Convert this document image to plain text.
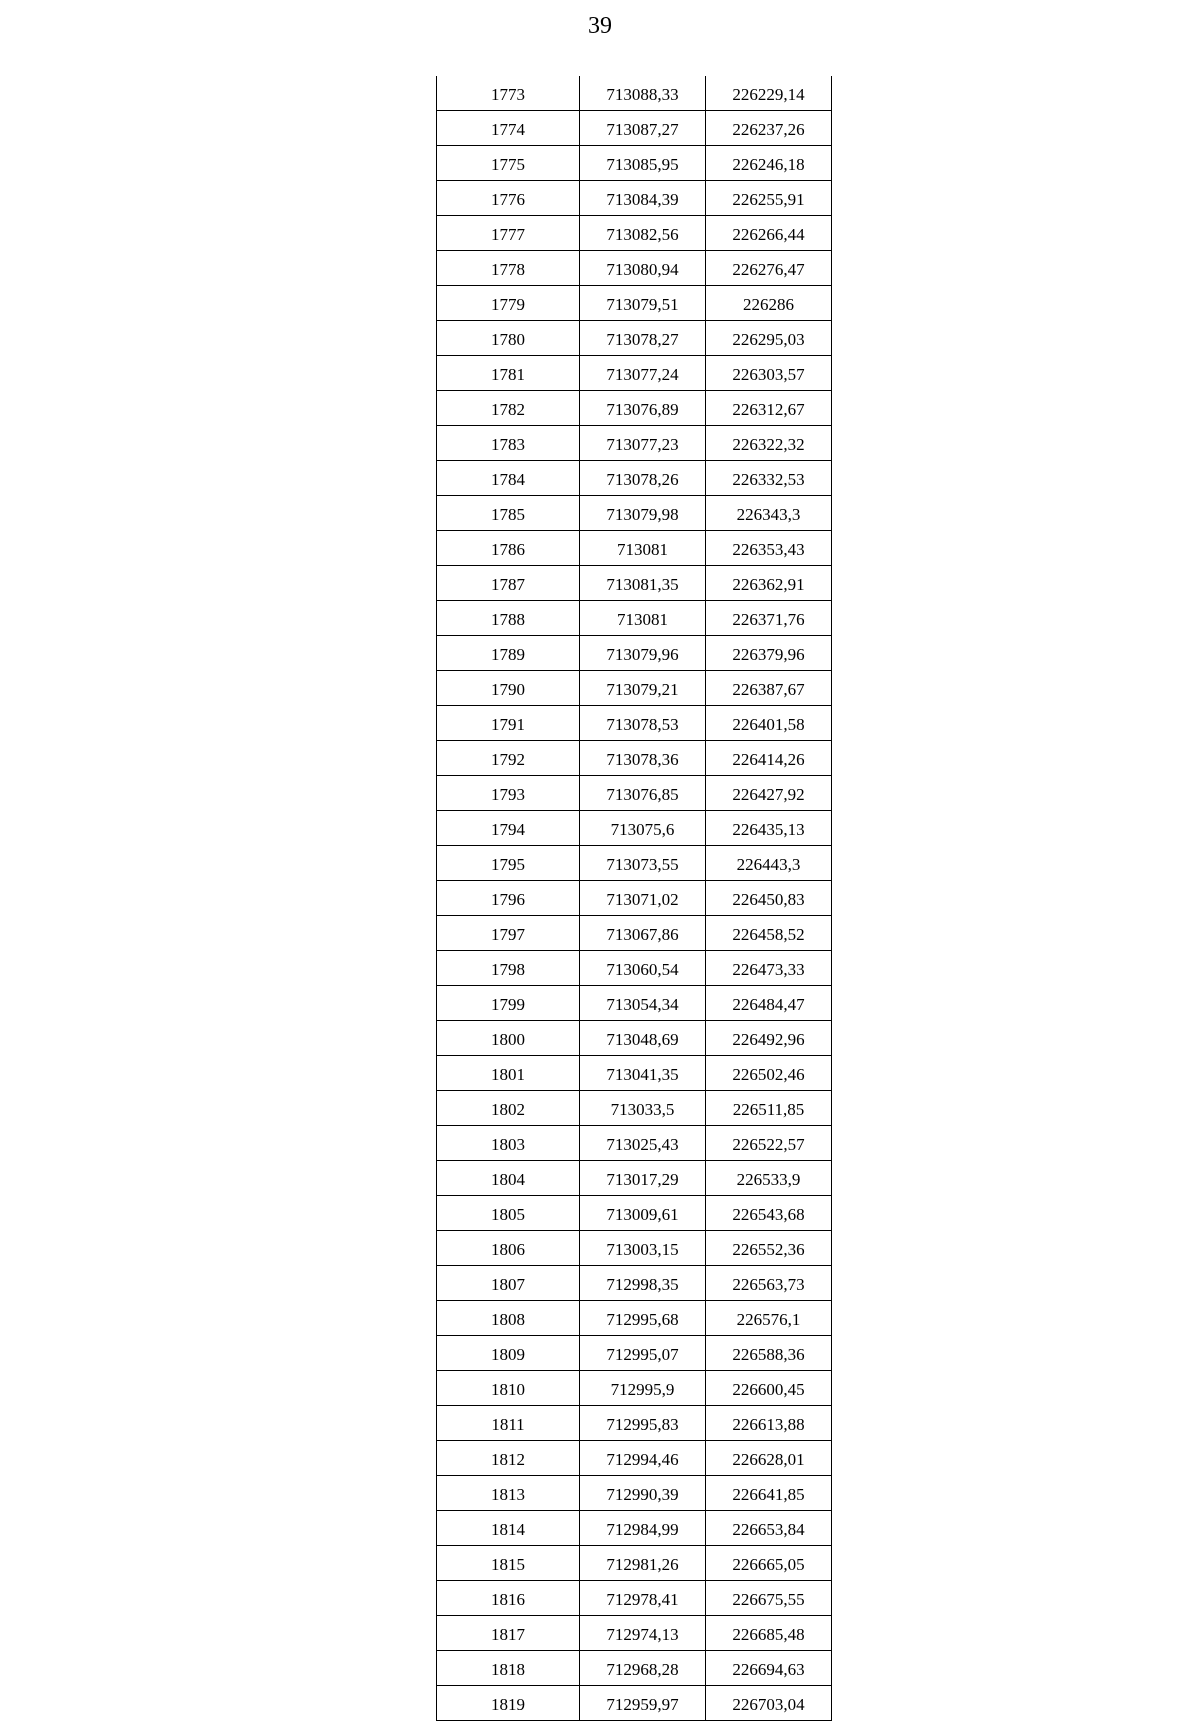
39
1773	713088,33	226229,14

1774	713087,27	226237,26

1775	713085,95	226246,18

1776	713084,39	226255,91

1777	713082,56	226266,44

1778	713080,94	226276,47

1779	713079,51	226286

1780	713078,27	226295,03

1781	713077,24	226303,57

1782	713076,89	226312,67

1783	713077,23	226322,32

1784	713078,26	226332,53

1785	713079,98	226343,3

1786	713081	226353,43

1787	713081,35	226362,91

1788	713081	226371,76

1789	713079,96	226379,96

1790	713079,21	226387,67

1791	713078,53	226401,58

1792	713078,36	226414,26

1793	713076,85	226427,92

1794	713075,6	226435,13

1795	713073,55	226443,3

1796	713071,02	226450,83

1797	713067,86	226458,52

1798	713060,54	226473,33

1799	713054,34	226484,47

1800	713048,69	226492,96

1801	713041,35	226502,46

1802	713033,5	226511,85

1803	713025,43	226522,57

1804	713017,29	226533,9

1805	713009,61	226543,68

1806	713003,15	226552,36

1807	712998,35	226563,73

1808	712995,68	226576,1

1809	712995,07	226588,36

1810	712995,9	226600,45

1811	712995,83	226613,88

1812	712994,46	226628,01

1813	712990,39	226641,85

1814	712984,99	226653,84

1815	712981,26	226665,05

1816	712978,41	226675,55

1817	712974,13	226685,48

1818	712968,28	226694,63

1819	712959,97	226703,04
